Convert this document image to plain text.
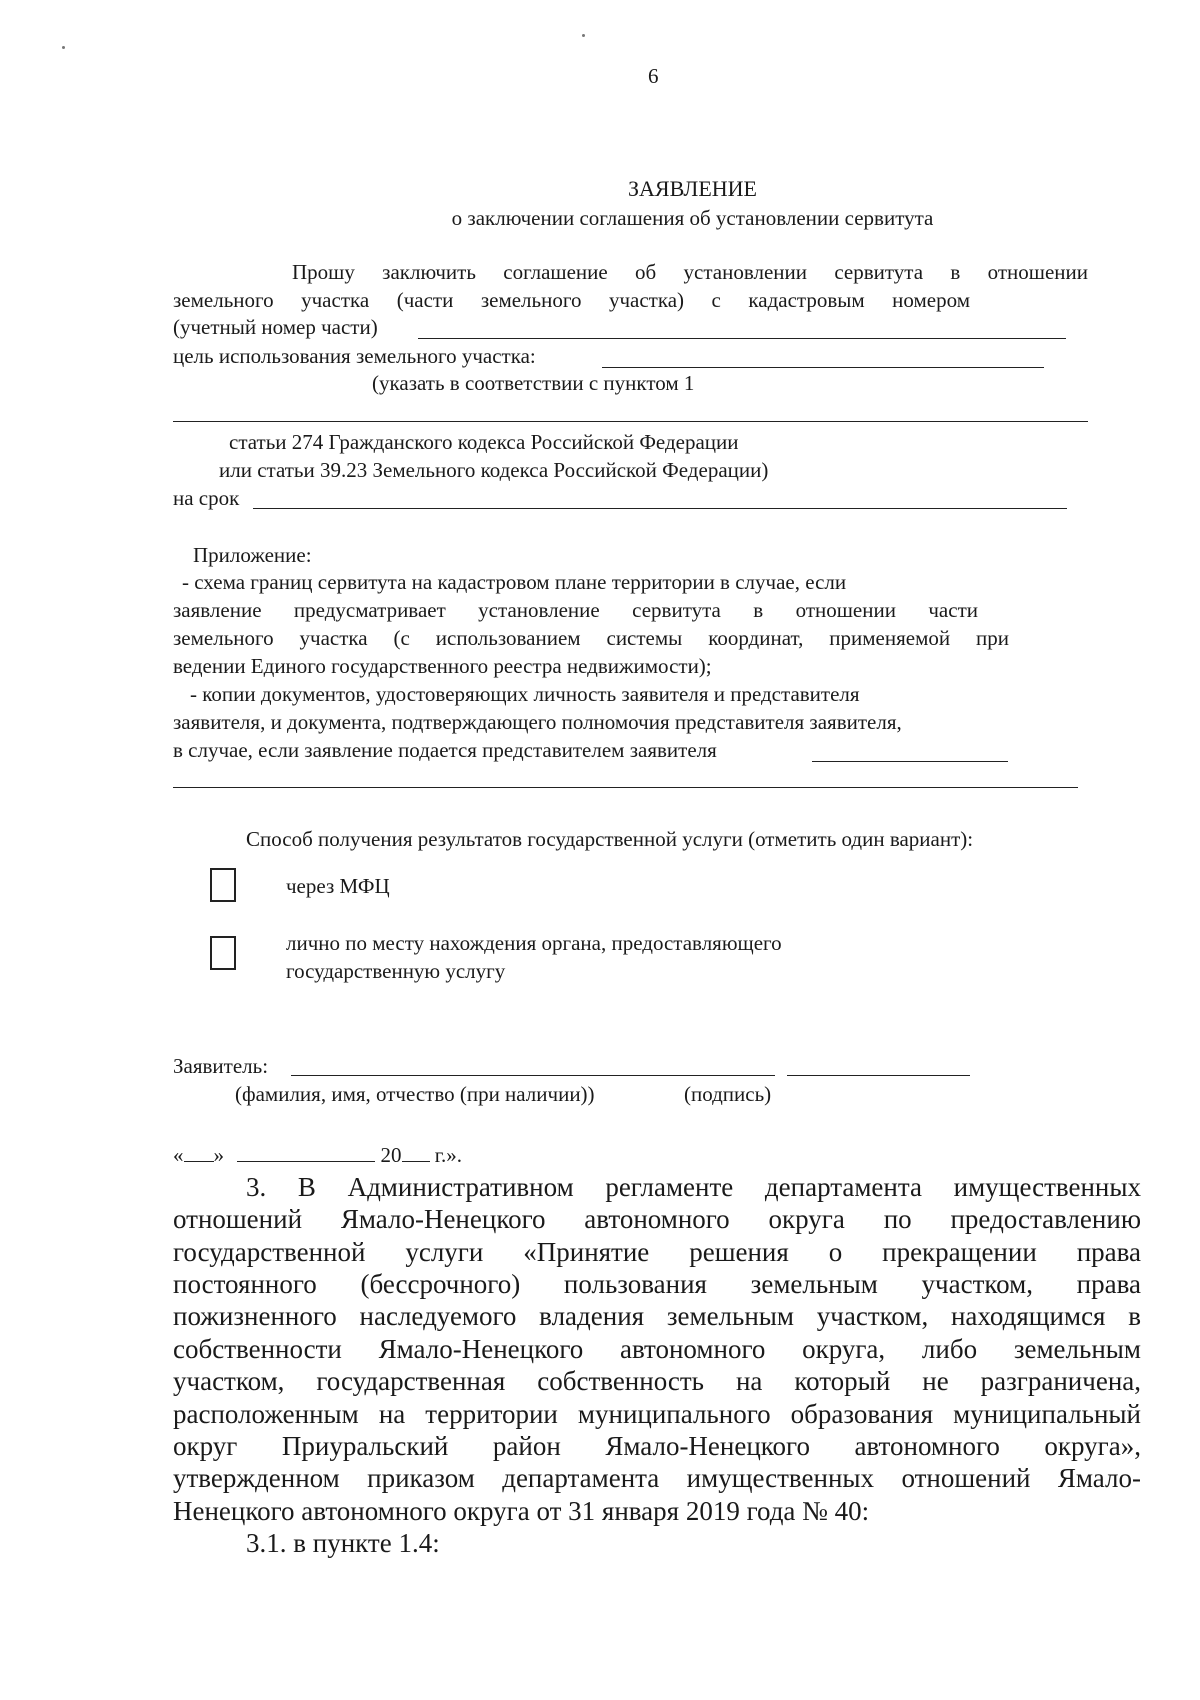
6
ЗАЯВЛЕНИЕ
о заключении соглашения об установлении сервитута
Прошу заключить соглашение об установлении сервитута в отношении
земельного участка (части земельного участка) с кадастровым номером
(учетный номер части)
цель использования земельного участка:
(указать в соответствии с пунктом 1
статьи 274 Гражданского кодекса Российской Федерации
или статьи 39.23 Земельного кодекса Российской Федерации)
на срок
Приложение:
- схема границ сервитута на кадастровом плане территории в случае, если
заявление предусматривает установление сервитута в отношении части
земельного участка (с использованием системы координат, применяемой при
ведении Единого государственного реестра недвижимости);
- копии документов, удостоверяющих личность заявителя и представителя
заявителя, и документа, подтверждающего полномочия представителя заявителя,
в случае, если заявление подается представителем заявителя
Способ получения результатов государственной услуги (отметить один вариант):
через МФЦ
лично по месту нахождения органа, предоставляющего
государственную услугу
Заявитель:
(фамилия, имя, отчество (при наличии))	(подпись)
« »	20 г.».
3. В Административном регламенте департамента имущественных
отношений Ямало-Ненецкого автономного округа по предоставлению
государственной услуги «Принятие решения о прекращении права
постоянного (бессрочного) пользования земельным участком, права
пожизненного наследуемого владения земельным участком, находящимся в
собственности Ямало-Ненецкого автономного округа, либо земельным
участком, государственная собственность на который не разграничена,
расположенным на территории муниципального образования муниципальный
округ Приуральский район Ямало-Ненецкого автономного округа»,
утвержденном приказом департамента имущественных отношений Ямало-
Ненецкого автономного округа от 31 января 2019 года № 40:
3.1. в пункте 1.4:
